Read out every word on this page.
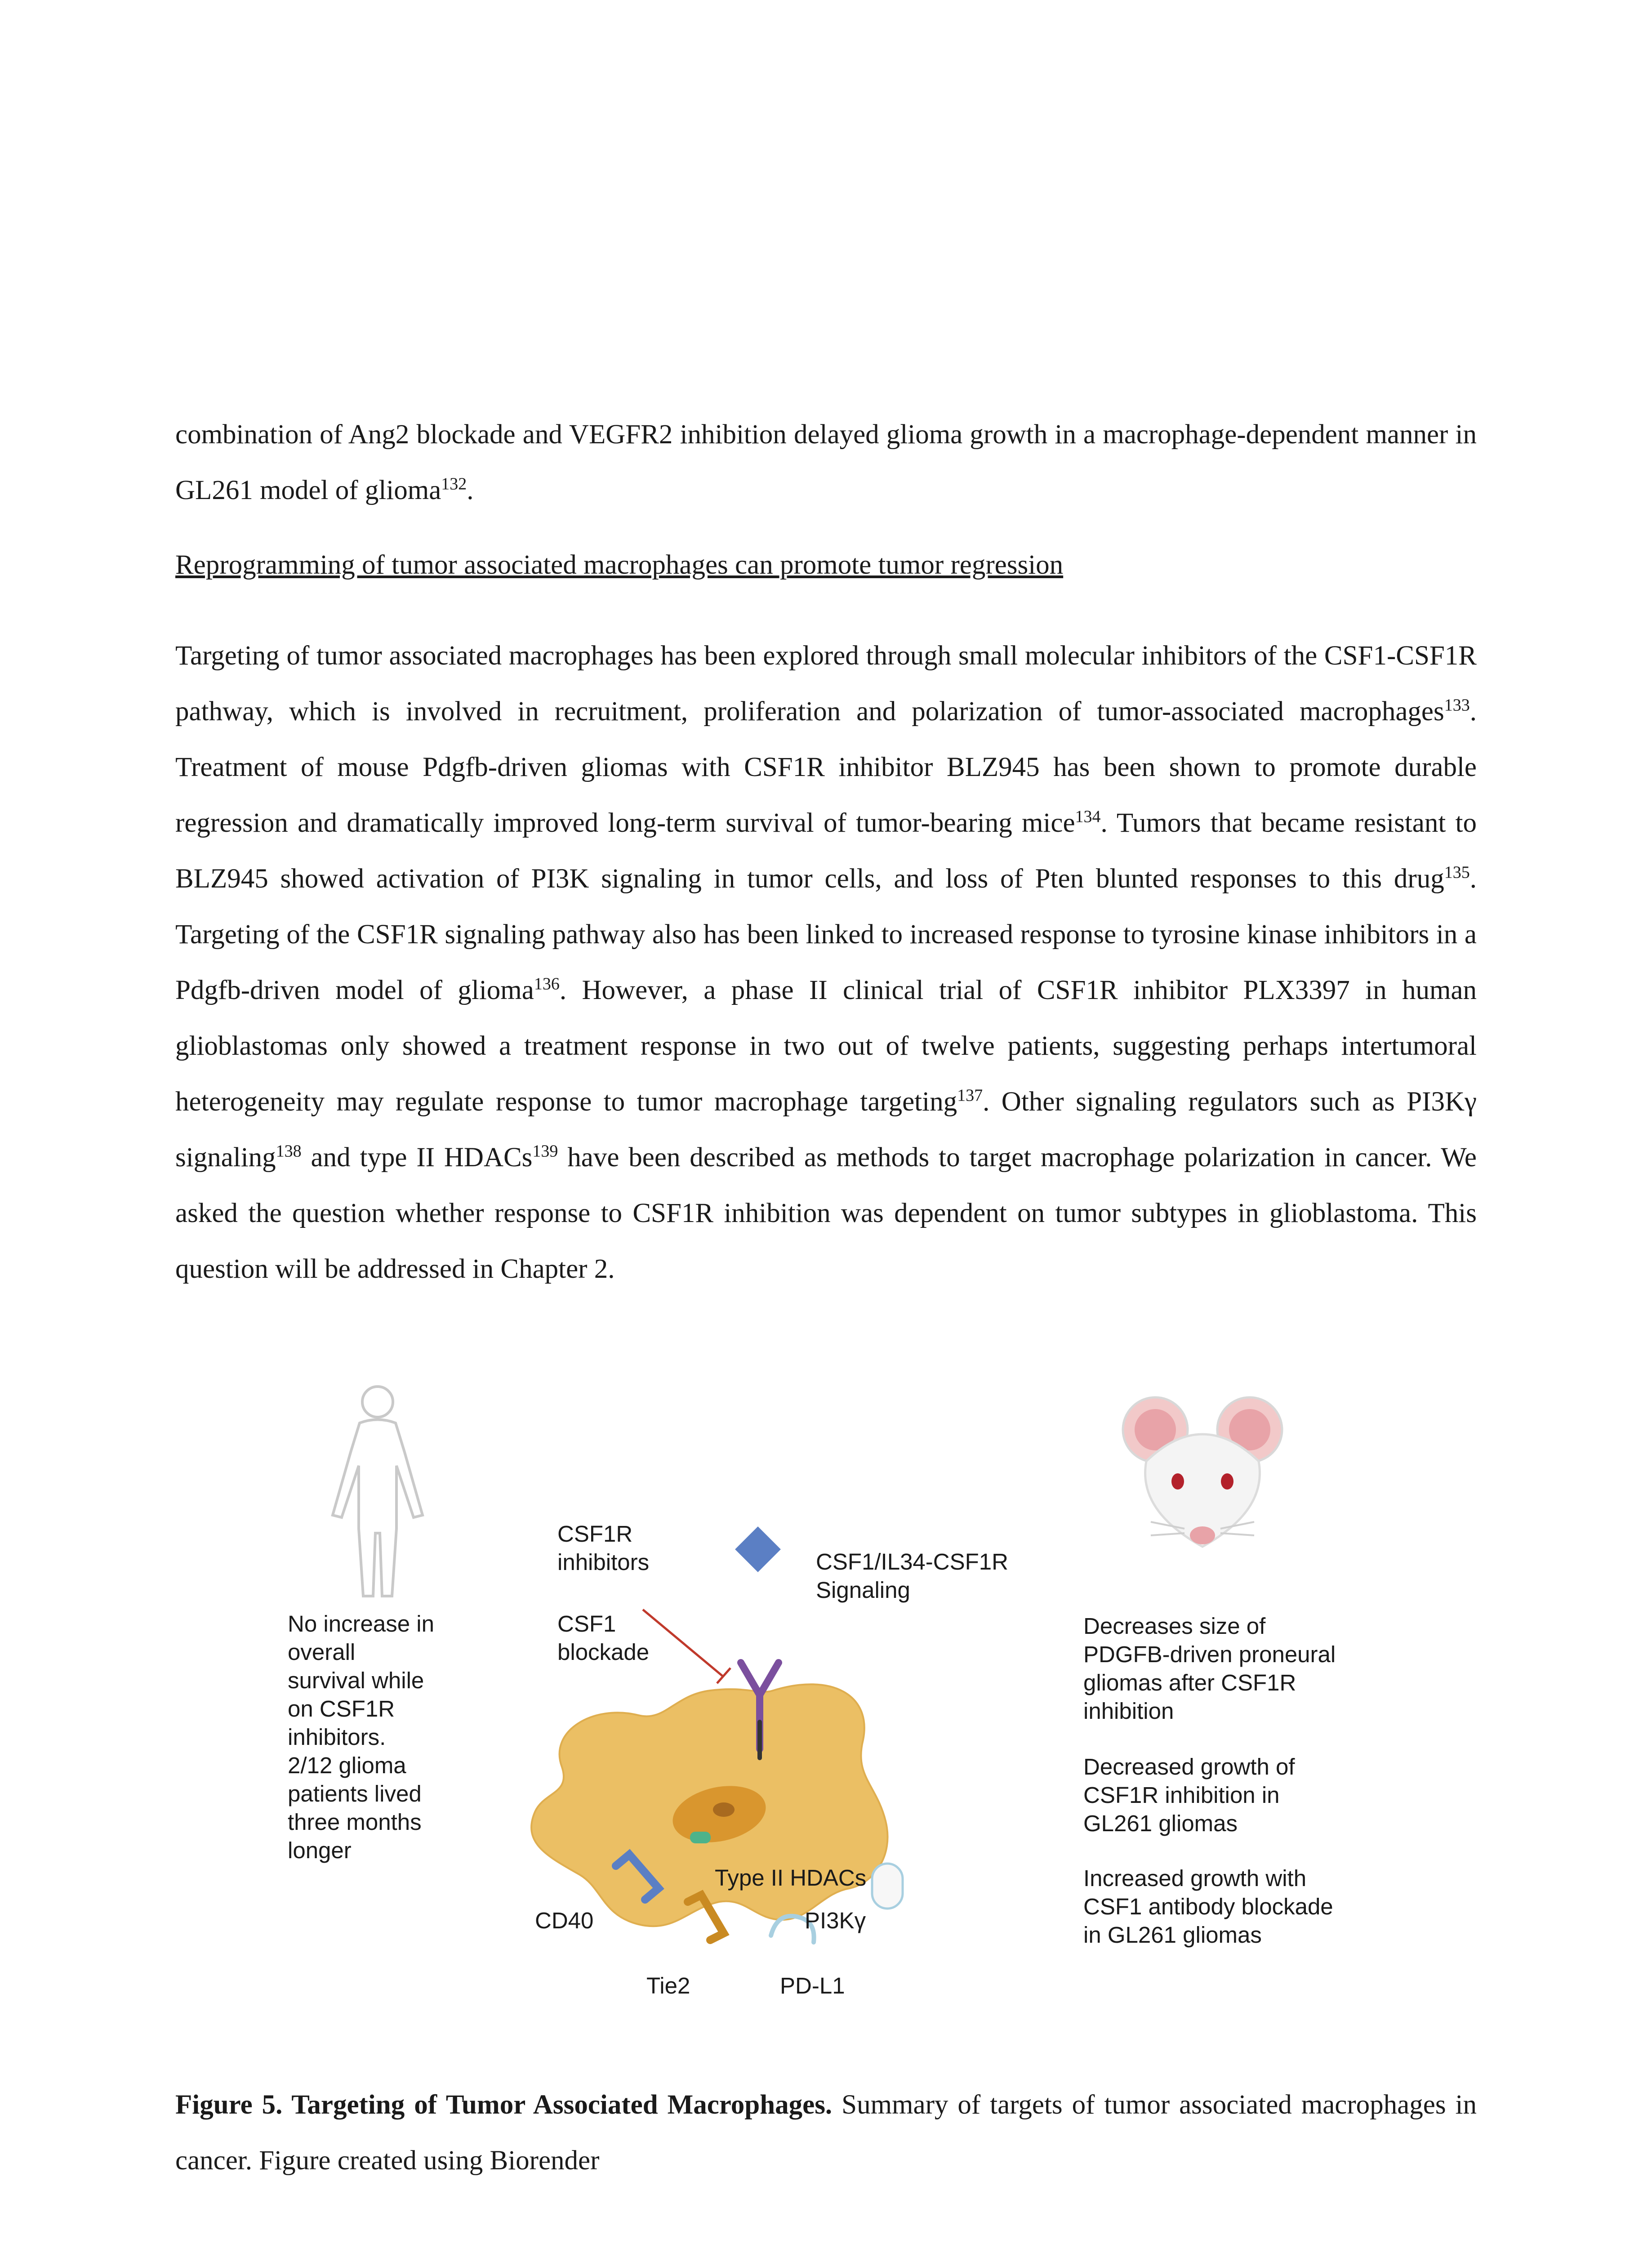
combination of Ang2 blockade and VEGFR2 inhibition delayed glioma growth in a macrophage-dependent manner in GL261 model of glioma$^{132}$.

Reprogramming of tumor associated macrophages can promote tumor regression

Targeting of tumor associated macrophages has been explored through small molecular inhibitors of the CSF1-CSF1R pathway, which is involved in recruitment, proliferation and polarization of tumor-associated macrophages$^{133}$. Treatment of mouse Pdgfb-driven gliomas with CSF1R inhibitor BLZ945 has been shown to promote durable regression and dramatically improved long-term survival of tumor-bearing mice$^{134}$. Tumors that became resistant to BLZ945 showed activation of PI3K signaling in tumor cells, and loss of Pten blunted responses to this drug$^{135}$. Targeting of the CSF1R signaling pathway also has been linked to increased response to tyrosine kinase inhibitors in a Pdgfb-driven model of glioma$^{136}$. However, a phase II clinical trial of CSF1R inhibitor PLX3397 in human glioblastomas only showed a treatment response in two out of twelve patients, suggesting perhaps intertumoral heterogeneity may regulate response to tumor macrophage targeting$^{137}$. Other signaling regulators such as PI3Kγ signaling$^{138}$ and type II HDACs$^{139}$ have been described as methods to target macrophage polarization in cancer. We asked the question whether response to CSF1R inhibition was dependent on tumor subtypes in glioblastoma. This question will be addressed in Chapter 2.

No increase in
overall
survival while
on CSF1R
inhibitors.
2/12 glioma
patients lived
three months
longer
CSF1R
inhibitors
CSF1
blockade
CSF1/IL34-CSF1R
Signaling
Decreases size of
PDGFB-driven proneural
gliomas after CSF1R
inhibition
Decreased growth of
CSF1R inhibition in
GL261 gliomas
Increased growth with
CSF1 antibody blockade
in GL261 gliomas
Type II HDACs
PI3Kγ
CD40
Tie2	PD-L1

Figure 5. Targeting of Tumor Associated Macrophages. Summary of targets of tumor associated macrophages in cancer. Figure created using Biorender
